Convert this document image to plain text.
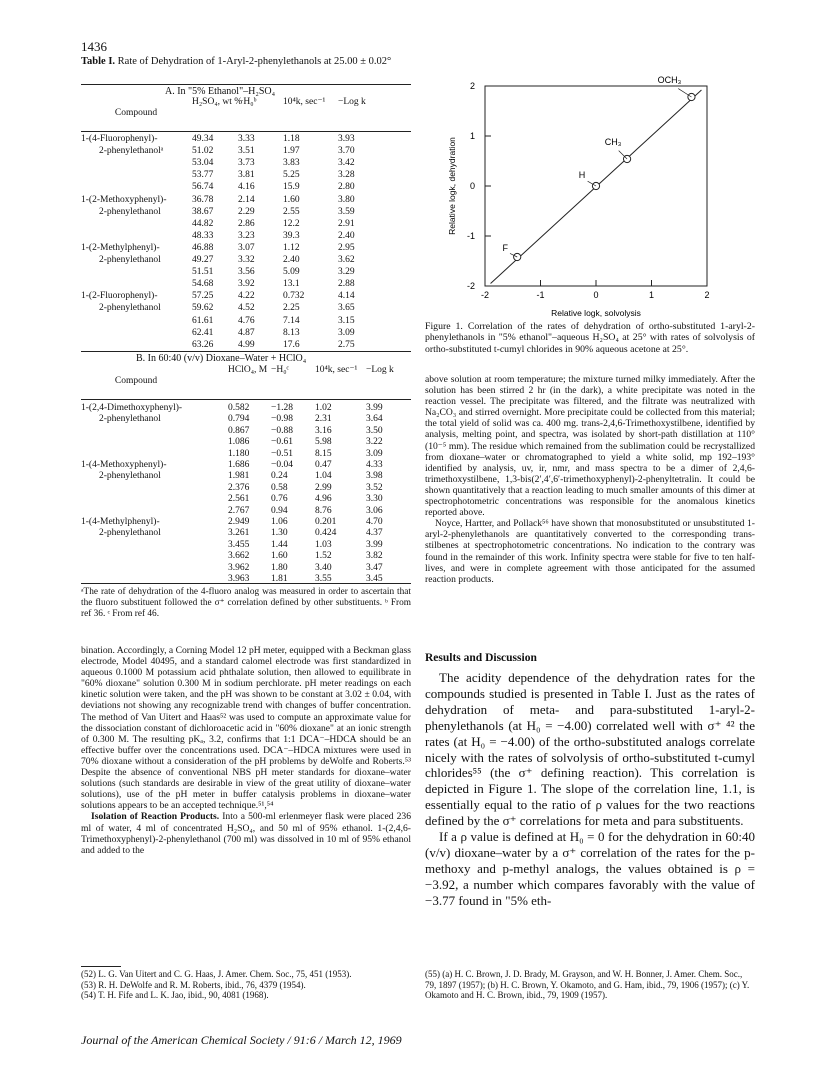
1436
Table I. Rate of Dehydration of 1-Aryl-2-phenylethanols at 25.00 ± 0.02°
A. In "5% Ethanol"–H₂SO₄
Compound
H₂SO₄, wt %
−H₀ᵇ	10⁴k, sec⁻¹	−Log k
1-(4-Fluorophenyl)-	49.34	3.33	1.18	3.93
2-phenylethanolᵃ	51.02	3.51	1.97	3.70
53.04	3.73	3.83	3.42
53.77	3.81	5.25	3.28
56.74	4.16	15.9	2.80
1-(2-Methoxyphenyl)-	36.78	2.14	1.60	3.80
2-phenylethanol	38.67	2.29	2.55	3.59
44.82	2.86	12.2	2.91
48.33	3.23	39.3	2.40
1-(2-Methylphenyl)-	46.88	3.07	1.12	2.95
2-phenylethanol	49.27	3.32	2.40	3.62
51.51	3.56	5.09	3.29
54.68	3.92	13.1	2.88
1-(2-Fluorophenyl)-	57.25	4.22	0.732	4.14
2-phenylethanol	59.62	4.52	2.25	3.65
61.61	4.76	7.14	3.15
62.41	4.87	8.13	3.09
63.26	4.99	17.6	2.75
B. In 60:40 (v/v) Dioxane–Water + HClO₄
Compound
HClO₄, M −H₀ᶜ	10⁴k, sec⁻¹ −Log k
1-(2,4-Dimethoxyphenyl)-	0.582 −1.28 1.02	3.99
2-phenylethanol	0.794 −0.98 2.31	3.64
0.867 −0.88 3.16	3.50
1.086 −0.61 5.98	3.22
1.180 −0.51 8.15	3.09
1-(4-Methoxyphenyl)-	1.686 −0.04 0.47	4.33
2-phenylethanol	1.981 0.24	1.04	3.98
2.376 0.58	2.99	3.52
2.561 0.76	4.96	3.30
2.767 0.94	8.76	3.06
1-(4-Methylphenyl)-	2.949 1.06	0.201	4.70
2-phenylethanol	3.261 1.30	0.424	4.37
3.455 1.44	1.03	3.99
3.662 1.60	1.52	3.82
3.962 1.80	3.40	3.47
3.963 1.81	3.55	3.45
ᵃThe rate of dehydration of the 4-fluoro analog was measured in order to ascertain that the fluoro substituent followed the σ⁺ correlation defined by other substituents. ᵇ From ref 36. ᶜ From ref 46.

bination. Accordingly, a Corning Model 12 pH meter, equipped with a Beckman glass electrode, Model 40495, and a standard calomel electrode was first standardized in aqueous 0.1000 M potassium acid phthalate solution, then allowed to equilibrate in "60% dioxane" solution 0.300 M in sodium perchlorate. pH meter readings on each kinetic solution were taken, and the pH was shown to be constant at 3.02 ± 0.04, with deviations not showing any recognizable trend with changes of buffer concentration. The method of Van Uitert and Haas⁵² was used to compute an approximate value for the dissociation constant of dichloroacetic acid in "60% dioxane" at an ionic strength of 0.300 M. The resulting pKₐ, 3.2, confirms that 1:1 DCA⁻–HDCA should be an effective buffer over the concentrations used. DCA⁻–HDCA mixtures were used in 70% dioxane without a consideration of the pH problems by deWolfe and Roberts.⁵³ Despite the absence of conventional NBS pH meter standards for dioxane–water solutions (such standards are desirable in view of the great utility of dioxane–water solutions), use of the pH meter in buffer catalysis problems in dioxane–water solutions appears to be an accepted technique.⁵¹,⁵⁴

Isolation of Reaction Products. Into a 500-ml erlenmeyer flask were placed 236 ml of water, 4 ml of concentrated H₂SO₄, and 50 ml of 95% ethanol. 1-(2,4,6-Trimethoxyphenyl)-2-phenylethanol (700 ml) was dissolved in 10 ml of 95% ethanol and added to the

-2	-1	0	1	2
2
1
0
-1
-2
Relative logk, solvolysis
Relative logk, dehydration
F
H
CH₃
OCH₃
Figure 1. Correlation of the rates of dehydration of ortho-substituted 1-aryl-2-phenylethanols in "5% ethanol"–aqueous H₂SO₄ at 25° with rates of solvolysis of ortho-substituted t-cumyl chlorides in 90% aqueous acetone at 25°.

above solution at room temperature; the mixture turned milky immediately. After the solution has been stirred 2 hr (in the dark), a white precipitate was noted in the reaction vessel. The precipitate was filtered, and the filtrate was neutralized with Na₂CO₃ and stirred overnight. More precipitate could be collected from this material; the total yield of solid was ca. 400 mg. trans-2,4,6-Trimethoxystilbene, identified by analysis, melting point, and spectra, was isolated by short-path distillation at 110° (10⁻⁵ mm). The residue which remained from the sublimation could be recrystallized from dioxane–water or chromatographed to yield a white solid, mp 192–193° identified by analysis, uv, ir, nmr, and mass spectra to be a dimer of 2,4,6-trimethoxystilbene, 1,3-bis(2′,4′,6′-trimethoxyphenyl)-2-phenyltetralin. It could be shown quantitatively that a reaction leading to much smaller amounts of this dimer at spectrophotometric concentrations was responsible for the anomalous kinetics reported above.

Noyce, Hartter, and Pollack⁵⁶ have shown that monosubstituted or unsubstituted 1-aryl-2-phenylethanols are quantitatively converted to the corresponding trans-stilbenes at spectrophotometric concentrations. No indication to the contrary was found in the remainder of this work. Infinity spectra were stable for five to ten half-lives, and were in complete agreement with those anticipated for the assumed reaction products.

Results and Discussion

The acidity dependence of the dehydration rates for the compounds studied is presented in Table I. Just as the rates of dehydration of meta- and para-substituted 1-aryl-2-phenylethanols (at H₀ = −4.00) correlated well with σ⁺ ⁴² the rates (at H₀ = −4.00) of the ortho-substituted analogs correlate nicely with the rates of solvolysis of ortho-substituted t-cumyl chlorides⁵⁵ (the σ⁺ defining reaction). This correlation is depicted in Figure 1. The slope of the correlation line, 1.1, is essentially equal to the ratio of ρ values for the two reactions defined by the σ⁺ correlations for meta and para substituents.

If a ρ value is defined at H₀ = 0 for the dehydration in 60:40 (v/v) dioxane–water by a σ⁺ correlation of the rates for the p-methoxy and p-methyl analogs, the values obtained is ρ = −3.92, a number which compares favorably with the value of −3.77 found in "5% eth-

(52) L. G. Van Uitert and C. G. Haas, J. Amer. Chem. Soc., 75, 451 (1953).
(53) R. H. DeWolfe and R. M. Roberts, ibid., 76, 4379 (1954).
(54) T. H. Fife and L. K. Jao, ibid., 90, 4081 (1968).
(55) (a) H. C. Brown, J. D. Brady, M. Grayson, and W. H. Bonner, J. Amer. Chem. Soc., 79, 1897 (1957); (b) H. C. Brown, Y. Okamoto, and G. Ham, ibid., 79, 1906 (1957); (c) Y. Okamoto and H. C. Brown, ibid., 79, 1909 (1957).
Journal of the American Chemical Society / 91:6 / March 12, 1969
